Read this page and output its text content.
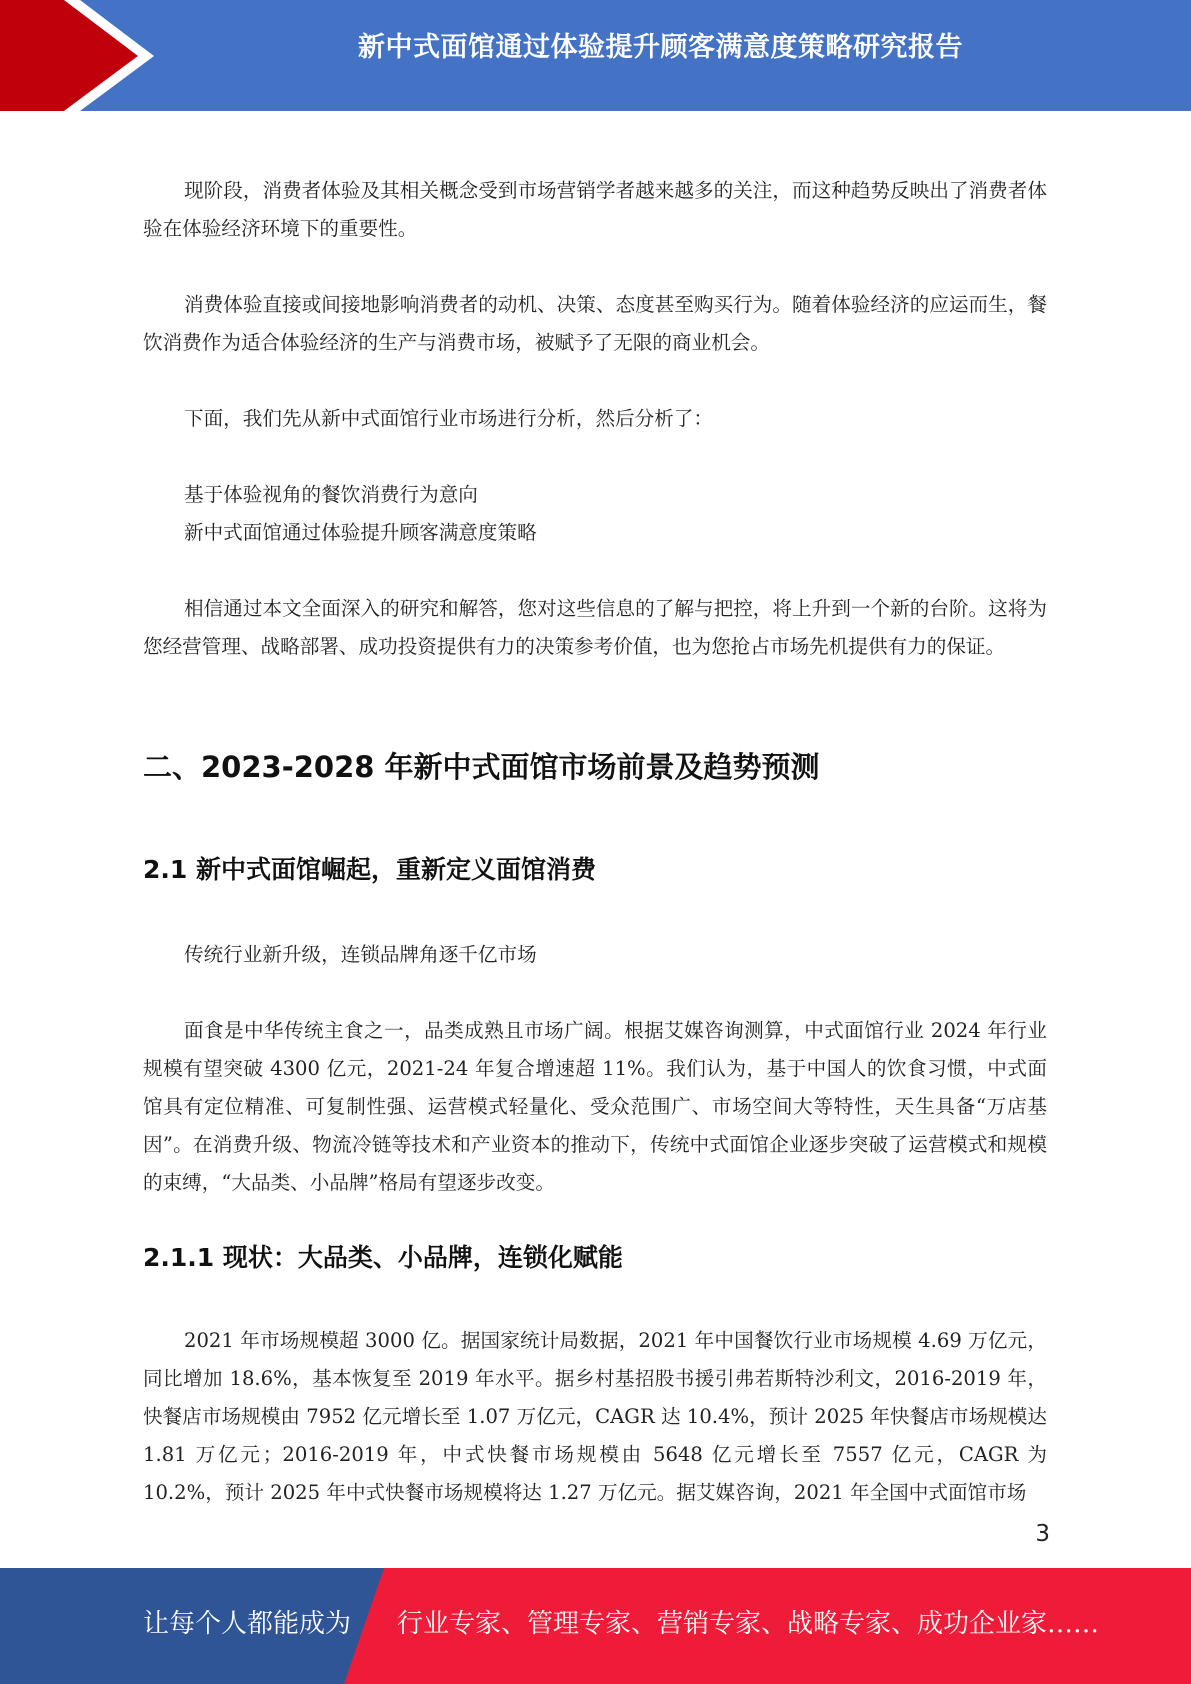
新中式面馆通过体验提升顾客满意度策略研究报告

现阶段，消费者体验及其相关概念受到市场营销学者越来越多的关注，而这种趋势反映出了消费者体验在体验经济环境下的重要性。

消费体验直接或间接地影响消费者的动机、决策、态度甚至购买行为。随着体验经济的应运而生，餐饮消费作为适合体验经济的生产与消费市场，被赋予了无限的商业机会。

下面，我们先从新中式面馆行业市场进行分析，然后分析了：

基于体验视角的餐饮消费行为意向

新中式面馆通过体验提升顾客满意度策略

相信通过本文全面深入的研究和解答，您对这些信息的了解与把控，将上升到一个新的台阶。这将为您经营管理、战略部署、成功投资提供有力的决策参考价值，也为您抢占市场先机提供有力的保证。

二、2023-2028 年新中式面馆市场前景及趋势预测
2.1 新中式面馆崛起，重新定义面馆消费

传统行业新升级，连锁品牌角逐千亿市场

面食是中华传统主食之一，品类成熟且市场广阔。根据艾媒咨询测算，中式面馆行业 2024 年行业规模有望突破 4300 亿元，2021-24 年复合增速超 11%。我们认为，基于中国人的饮食习惯，中式面馆具有定位精准、可复制性强、运营模式轻量化、受众范围广、市场空间大等特性，天生具备“万店基因”。在消费升级、物流冷链等技术和产业资本的推动下，传统中式面馆企业逐步突破了运营模式和规模的束缚，“大品类、小品牌”格局有望逐步改变。

2.1.1 现状：大品类、小品牌，连锁化赋能

2021 年市场规模超 3000 亿。据国家统计局数据，2021 年中国餐饮行业市场规模 4.69 万亿元，同比增加 18.6%，基本恢复至 2019 年水平。据乡村基招股书援引弗若斯特沙利文，2016-2019 年，快餐店市场规模由 7952 亿元增长至 1.07 万亿元，CAGR 达 10.4%，预计 2025 年快餐店市场规模达 1.81 万亿元；2016-2019 年，中式快餐市场规模由 5648 亿元增长至 7557 亿元，CAGR 为 10.2%，预计 2025 年中式快餐市场规模将达 1.27 万亿元。据艾媒咨询，2021 年全国中式面馆市场

3
让每个人都能成为 行业专家、管理专家、营销专家、战略专家、成功企业家……
